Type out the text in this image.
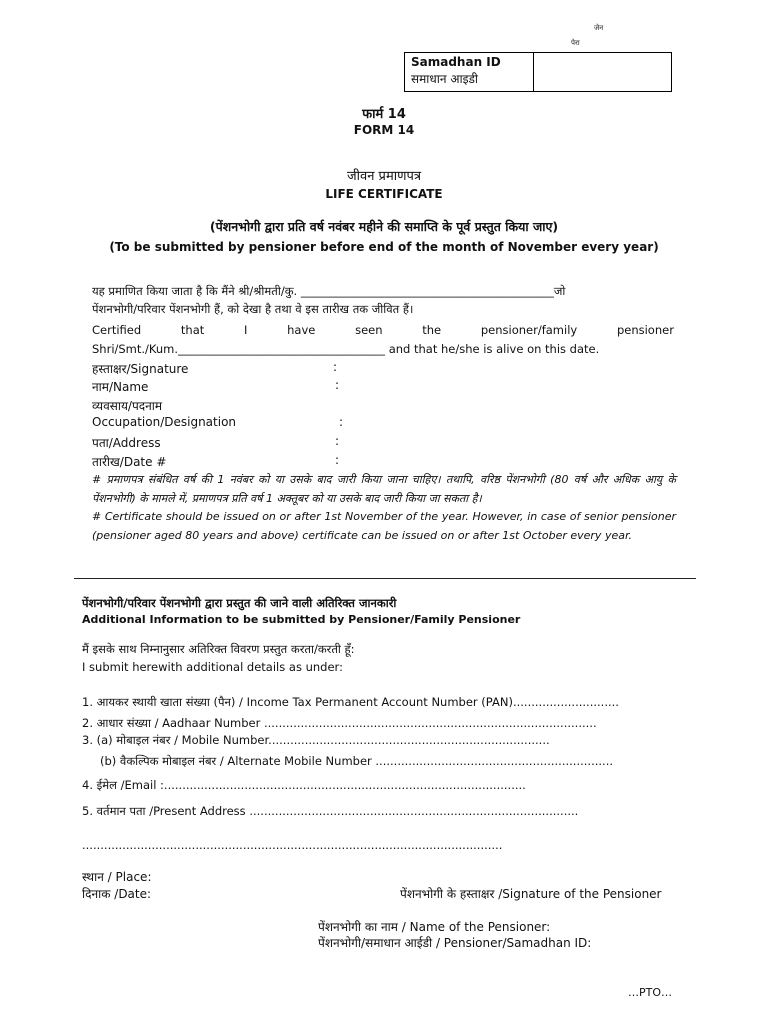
जेन
पेरा
Samadhan ID
समाधान आइडी
फार्म 14
FORM 14
जीवन प्रमाणपत्र
LIFE CERTIFICATE
(पेंशनभोगी द्वारा प्रति वर्ष नवंबर महीने की समाप्ति के पूर्व प्रस्तुत किया जाए)
(To be submitted by pensioner before end of the month of November every year)
यह प्रमाणित किया जाता है कि मैंने श्री/श्रीमती/कु. ____________________________________________जो
पेंशनभोगी/परिवार पेंशनभोगी हैं, को देखा है तथा वे इस तारीख तक जीवित हैं।
Certified	that	I	have	seen	the	pensioner/family	pensioner
Shri/Smt./Kum.____________________________________ and that he/she is alive on this date.
हस्ताक्षर/Signature	:
नाम/Name	:
व्यवसाय/पदनाम
Occupation/Designation	:
पता/Address	:
तारीख/Date #	:
# प्रमाणपत्र संबंधित वर्ष की 1 नवंबर को या उसके बाद जारी किया जाना चाहिए। तथापि, वरिष्ठ पेंशनभोगी (80 वर्ष और अधिक आयु के पेंशनभोगी) के मामले में, प्रमाणपत्र प्रति वर्ष 1 अक्तूबर को या उसके बाद जारी किया जा सकता है।
# Certificate should be issued on or after 1st November of the year. However, in case of senior pensioner (pensioner aged 80 years and above) certificate can be issued on or after 1st October every year.
पेंशनभोगी/परिवार पेंशनभोगी द्वारा प्रस्तुत की जाने वाली अतिरिक्त जानकारी
Additional Information to be submitted by Pensioner/Family Pensioner
मैं इसके साथ निम्नानुसार अतिरिक्त विवरण प्रस्तुत करता/करती हूँ:
I submit herewith additional details as under:
1. आयकर स्थायी खाता संख्या (पैन) / Income Tax Permanent Account Number (PAN).............................
2. आधार संख्या / Aadhaar Number ...........................................................................................
3. (a) मोबाइल नंबर / Mobile Number.............................................................................
(b) वैकल्पिक मोबाइल नंबर / Alternate Mobile Number .................................................................
4. ईमेल /Email :...................................................................................................
5. वर्तमान पता /Present Address ..........................................................................................
...................................................................................................................
स्थान / Place:
दिनाक /Date:	पेंशनभोगी के हस्ताक्षर /Signature of the Pensioner
पेंशनभोगी का नाम / Name of the Pensioner:
पेंशनभोगी/समाधान आईडी / Pensioner/Samadhan ID:
…PTO…
